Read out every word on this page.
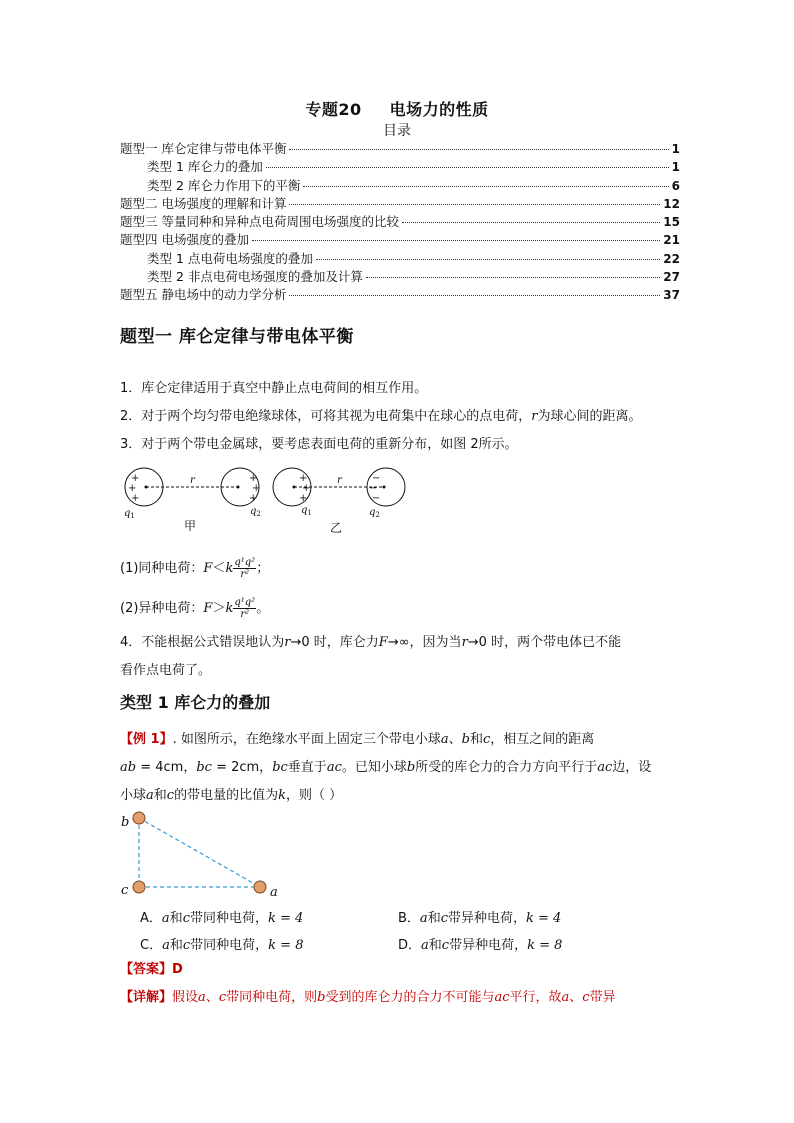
专题20 电场力的性质
目录
题型一 库仑定律与带电体平衡	1
类型 1 库仑力的叠加	1
类型 2 库仑力作用下的平衡	6
题型二 电场强度的理解和计算	12
题型三 等量同种和异种点电荷周围电场强度的比较	15
题型四 电场强度的叠加	21
类型 1 点电荷电场强度的叠加	22
类型 2 非点电荷电场强度的叠加及计算	27
题型五 静电场中的动力学分析	37
题型一 库仑定律与带电体平衡
1．库仑定律适用于真空中静止点电荷间的相互作用。
2．对于两个均匀带电绝缘球体，可将其视为电荷集中在球心的点电荷，r为球心间的距离。
3．对于两个带电金属球，要考虑表面电荷的重新分布，如图 2所示。
+
+
+
+
+
+
+
+
+
−
−
−
r	r
$q_1$	$q_2$	$q_1$	$q_2$
甲	乙
(1)同种电荷：$F<k \frac{\text{q¹q²}}{\text{r²}}$ ；
(2)异种电荷：$F>k \frac{\text{q¹q²}}{\text{r²}}$ 。
4．不能根据公式错误地认为r→0 时，库仑力F→∞，因为当r→0 时，两个带电体已不能
看作点电荷了。
类型 1 库仑力的叠加
【例 1】. 如图所示，在绝缘水平面上固定三个带电小球a、b和c，相互之间的距离
ab = 4cm，bc = 2cm，bc垂直于ac。已知小球b所受的库仑力的合力方向平行于ac边，设
小球a和c的带电量的比值为k，则（ ）
b
c	a
A．a和c带同种电荷，k = 4	B．a和c带异种电荷，k = 4
C．a和c带同种电荷，k = 8	D．a和c带异种电荷，k = 8
【答案】D
【详解】假设a、c带同种电荷，则b受到的库仑力的合力不可能与ac平行，故a、c带异
